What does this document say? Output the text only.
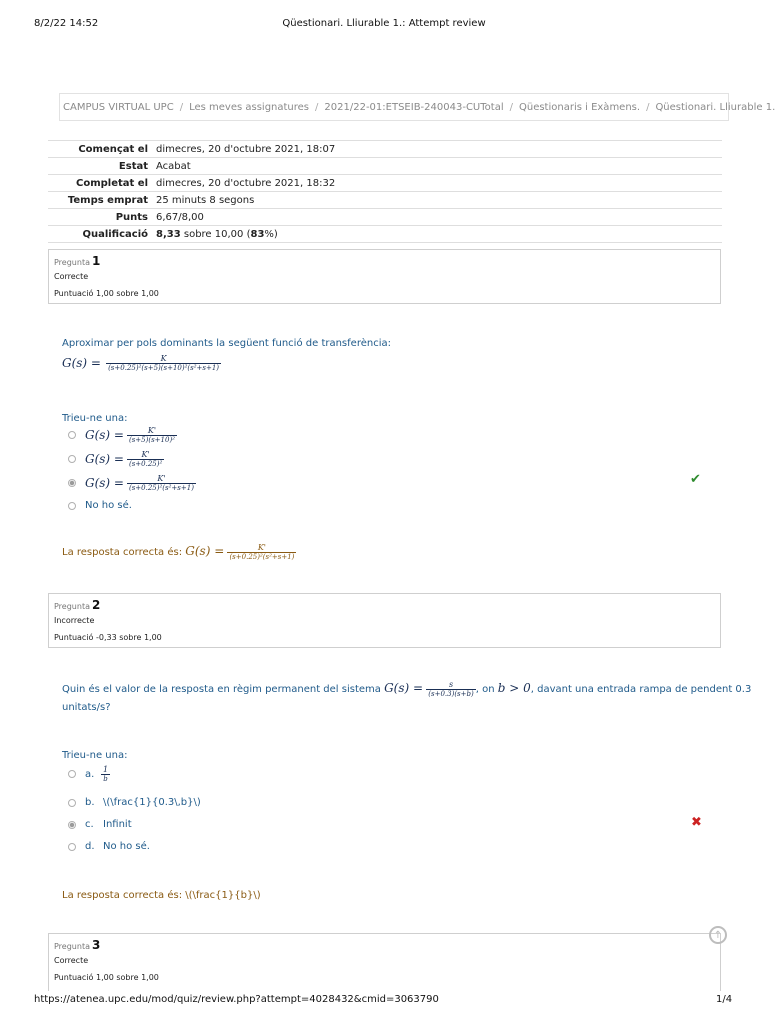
8/2/22 14:52	Qüestionari. Lliurable 1.: Attempt review
CAMPUS VIRTUAL UPC / Les meves assignatures / 2021/22-01:ETSEIB-240043-CUTotal / Qüestionaris i Exàmens. / Qüestionari. Lliurable 1.
Començat el	dimecres, 20 d'octubre 2021, 18:07
Estat	Acabat
Completat el	dimecres, 20 d'octubre 2021, 18:32
Temps emprat	25 minuts 8 segons
Punts	6,67/8,00
Qualificació	8,33 sobre 10,00 (83%)
Pregunta 1
Correcte
Puntuació 1,00 sobre 1,00
Aproximar per pols dominants la següent funció de transferència:
$G(s) = \frac{K}{\text{(s+0.25)²(s+5)(s+10)²(s²+s+1)}}$
Trieu-ne una:
$G(s) = \frac{K'}{\text{(s+5)(s+10)²}}$
$G(s) = \frac{K'}{\text{(s+0.25)²}}$
$G(s) = \frac{K'}{\text{(s+0.25)²(s²+s+1)}}$
No ho sé.
✔
La resposta correcta és: $G(s) = \frac{K'}{\text{(s+0.25)²(s²+s+1)}}$
Pregunta 2
Incorrecte
Puntuació -0,33 sobre 1,00
Quin és el valor de la resposta en règim permanent del sistema $G(s) = \frac{s}{(s+0.3)(s+b)}$ , on b > 0, davant una entrada rampa de pendent 0.3
unitats/s?
Trieu-ne una:
a. $\frac{1}{b}$
b. \(\frac{1}{0.3\,b}\)
c. Infinit
d. No ho sé.
✖
La resposta correcta és: \(\frac{1}{b}\)
Pregunta 3
Correcte
Puntuació 1,00 sobre 1,00
↑
https://atenea.upc.edu/mod/quiz/review.php?attempt=4028432&cmid=3063790	1/4
